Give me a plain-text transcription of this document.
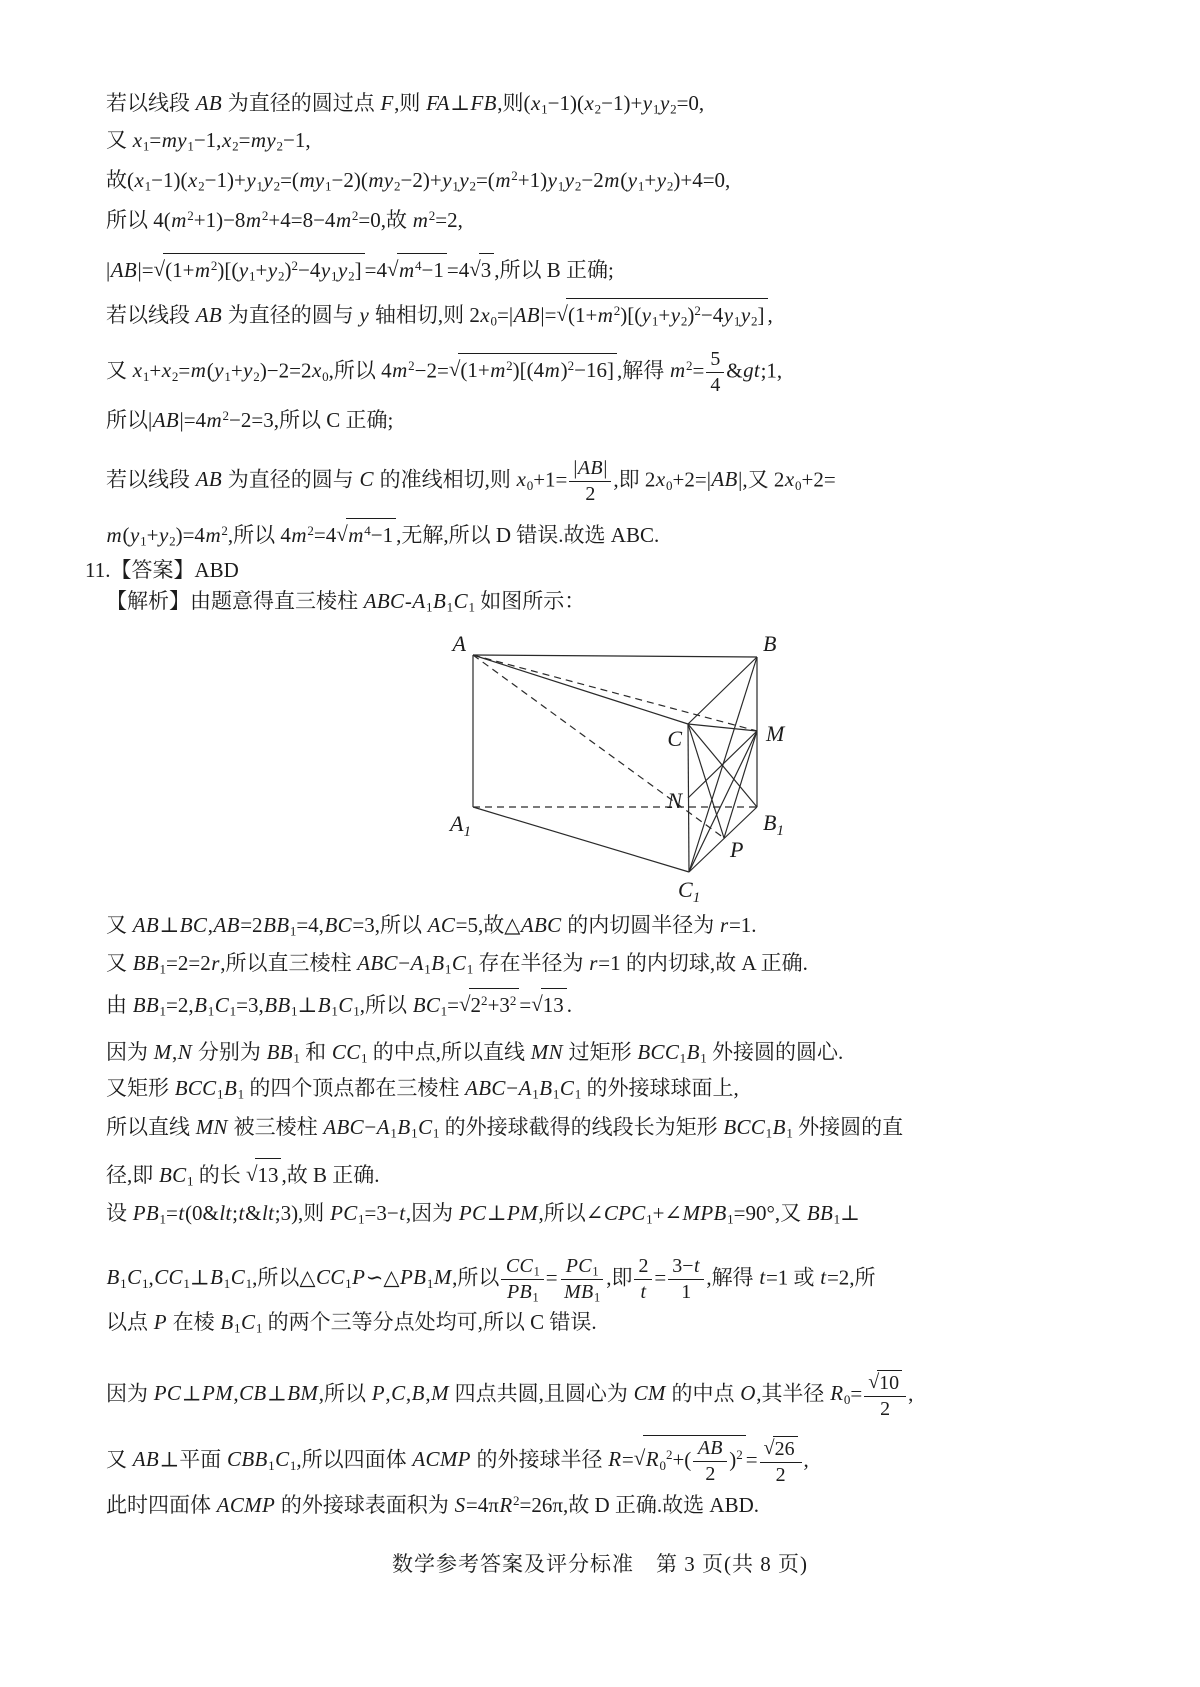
若以线段 AB 为直径的圆过点 F,则 FA⊥FB,则$(x_1-1)(x_2-1)+y_1y_2=0$,
又 $x_1=my_1-1,x_2=my_2-1$,
故$(x_1-1)(x_2-1)+y_1y_2=(my_1-2)(my_2-2)+y_1y_2=(m^2+1)y_1y_2-2m(y_1+y_2)+4=0$,
所以 $4(m^2+1)-8m^2+4=8-4m^2=0$,故 $m^2=2$,
$|AB|=√(1+m^2)[(y_1+y_2)^2-4y_1y_2] =4√m^4-1 =4√3$ ,所以 B 正确;
若以线段 AB 为直径的圆与 y 轴相切,则 $2x_0=|AB|=√(1+m^2)[(y_1+y_2)^2-4y_1y_2]$ ,
又 $x_1+x_2=m(y_1+y_2)-2=2x_0$,所以 $4m^2-2=√(1+m^2)[(4m)^2-16]$ ,解得 $m^2= \frac{5}{4}$ &gt;1,
所以$|AB|=4m^2-2=3$,所以 C 正确;
若以线段 AB 为直径的圆与 C 的准线相切,则 $x_0+1= \frac{|AB|}{2}$ ,即 $2x_0+2=|AB|$,又 $2x_0+2=$
$m(y_1+y_2)=4m^2$,所以 $4m^2=4√m^4-1$ ,无解,所以 D 错误.故选 ABC.
11.【答案】ABD
【解析】由题意得直三棱柱 ABC-$A_1B_1C_1$ 如图所示：
又 $AB\perp BC,AB=2BB_1=4,BC=3$,所以 AC=5,故△ABC 的内切圆半径为 r=1.
又 $BB_1=2=2r$,所以直三棱柱 $ABC-A_1B_1C_1$ 存在半径为 r=1 的内切球,故 A 正确.
由 $BB_1=2,B_1C_1=3,BB_1\perp B_1C_1$,所以 $BC_1=√2^2+3^2 =√13$ .
因为 M,N 分别为 $BB_1$ 和 $CC_1$ 的中点,所以直线 MN 过矩形 $BCC_1B_1$ 外接圆的圆心.
又矩形 $BCC_1B_1$ 的四个顶点都在三棱柱 $ABC-A_1B_1C_1$ 的外接球球面上,
所以直线 MN 被三棱柱 $ABC-A_1B_1C_1$ 的外接球截得的线段长为矩形 $BCC_1B_1$ 外接圆的直
径,即 $BC_1$ 的长 √13 ,故 B 正确.
设 $PB_1=t(0\&lt;t\&lt;3)$,则 $PC_1=3-t$,因为 PC⊥PM,所以$\angle CPC_1+\angle MPB_1=90^\circ$,又 $BB_1\perp$
$B_1C_1,CC_1\perp B_1C_1$,所以$\triangle CC_1P∽\triangle PB_1M$,所以 $\frac{CC_1}{PB_1} = \frac{PC_1}{MB_1}$ ,即 $\frac{2}{t} = \frac{3-t}{1}$ ,解得 t=1 或 t=2,所
以点 P 在棱 $B_1C_1$ 的两个三等分点处均可,所以 C 错误.
因为 PC⊥PM,CB⊥BM,所以 P,C,B,M 四点共圆,且圆心为 CM 的中点 O,其半径 $R_0= \frac{√10}{2}$ ,
又 AB⊥平面 $CBB_1C_1$,所以四面体 ACMP 的外接球半径 $R=√R_0^2+( \frac{AB}{2} )^2 = \frac{√26}{2}$ ,
此时四面体 ACMP 的外接球表面积为 $S=4\pi R^2=26\pi$,故 D 正确.故选 ABD.
A	B
C	M
N
$A_1$	$B_1$
P
$C_1$
数学参考答案及评分标准　第 3 页(共 8 页)
